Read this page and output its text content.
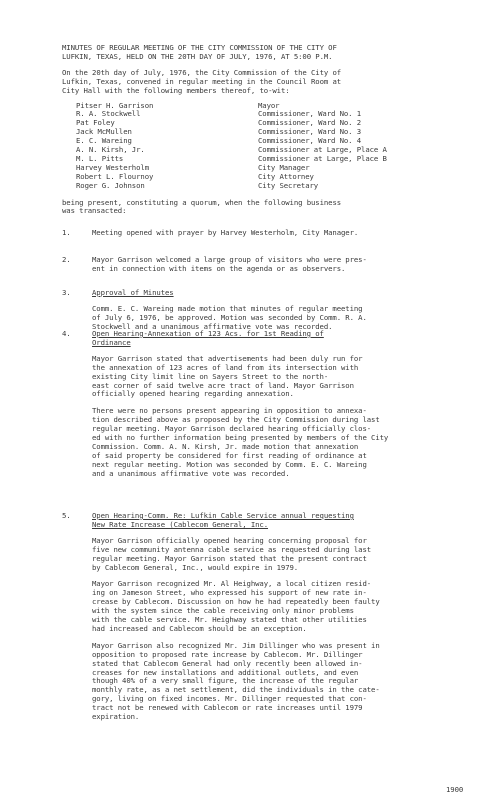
MINUTES OF REGULAR MEETING OF THE CITY COMMISSION OF THE CITY OF
LUFKIN, TEXAS, HELD ON THE 20TH DAY OF JULY, 1976, AT 5:00 P.M.
On the 20th day of July, 1976, the City Commission of the City of
Lufkin, Texas, convened in regular meeting in the Council Room at
City Hall with the following members thereof, to-wit:
Pitser H. Garrison	Mayor
R. A. Stockwell	Commissioner, Ward No. 1
Pat Foley	Commissioner, Ward No. 2
Jack McMullen	Commissioner, Ward No. 3
E. C. Wareing	Commissioner, Ward No. 4
A. N. Kirsh, Jr.	Commissioner at Large, Place A
M. L. Pitts	Commissioner at Large, Place B
Harvey Westerholm	City Manager
Robert L. Flournoy	City Attorney
Roger G. Johnson	City Secretary
being present, constituting a quorum, when the following business
was transacted:
1.	Meeting opened with prayer by Harvey Westerholm, City Manager.
2.	Mayor Garrison welcomed a large group of visitors who were pres-
ent in connection with items on the agenda or as observers.
3.	Approval of Minutes
Comm. E. C. Wareing made motion that minutes of regular meeting
of July 6, 1976, be approved. Motion was seconded by Comm. R. A.
Stockwell and a unanimous affirmative vote was recorded.
4.	Open Hearing-Annexation of 123 Acs. for 1st Reading of
Ordinance
Mayor Garrison stated that advertisements had been duly run for
the annexation of 123 acres of land from its intersection with
existing City limit line on Sayers Street to the north-
east corner of said twelve acre tract of land. Mayor Garrison
officially opened hearing regarding annexation.
There were no persons present appearing in opposition to annexa-
tion described above as proposed by the City Commission during last
regular meeting. Mayor Garrison declared hearing officially clos-
ed with no further information being presented by members of the City
Commission. Comm. A. N. Kirsh, Jr. made motion that annexation
of said property be considered for first reading of ordinance at
next regular meeting. Motion was seconded by Comm. E. C. Wareing
and a unanimous affirmative vote was recorded.
5.	Open Hearing-Comm. Re: Lufkin Cable Service annual requesting
New Rate Increase (Cablecom General, Inc.
Mayor Garrison officially opened hearing concerning proposal for
five new community antenna cable service as requested during last
regular meeting. Mayor Garrison stated that the present contract
by Cablecom General, Inc., would expire in 1979.
Mayor Garrison recognized Mr. Al Heighway, a local citizen resid-
ing on Jameson Street, who expressed his support of new rate in-
crease by Cablecom. Discussion on how he had repeatedly been faulty
with the system since the cable receiving only minor problems
with the cable service. Mr. Heighway stated that other utilities
had increased and Cablecom should be an exception.
Mayor Garrison also recognized Mr. Jim Dillinger who was present in
opposition to proposed rate increase by Cablecom. Mr. Dillinger
stated that Cablecom General had only recently been allowed in-
creases for new installations and additional outlets, and even
though 40% of a very small figure, the increase of the regular
monthly rate, as a net settlement, did the individuals in the cate-
gory, living on fixed incomes. Mr. Dillinger requested that con-
tract not be renewed with Cablecom or rate increases until 1979
expiration.
1900
